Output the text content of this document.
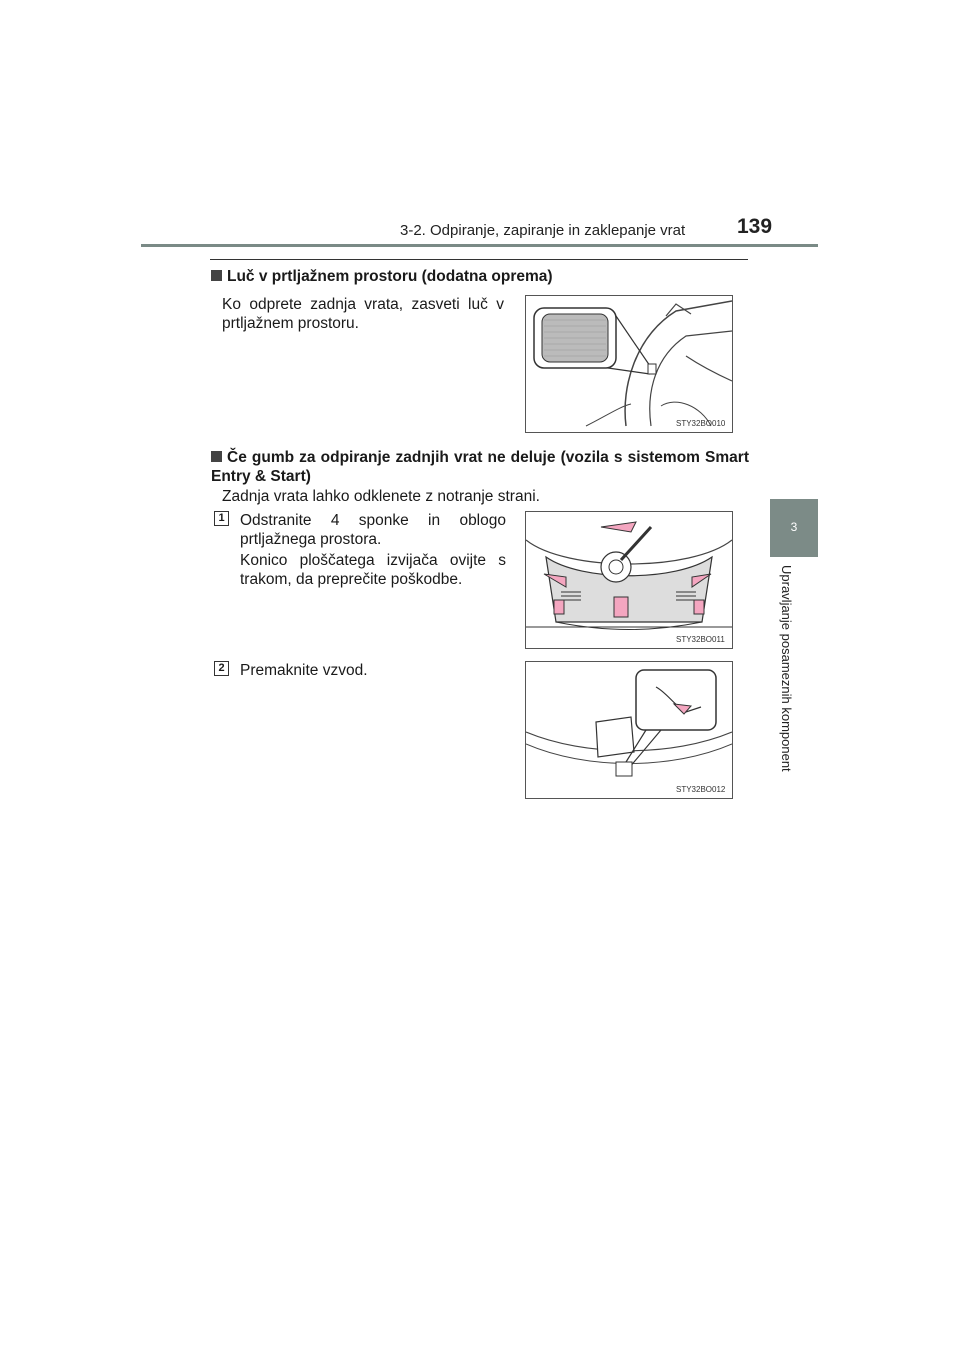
3-2. Odpiranje, zapiranje in zaklepanje vrat 139
3
Upravljanje posameznih komponent
Luč v prtljažnem prostoru (dodatna oprema)
Ko odprete zadnja vrata, zasveti luč v prtljažnem prostoru.
STY32BO010
Če gumb za odpiranje zadnjih vrat ne deluje (vozila s sistemom Smart Entry & Start)
Zadnja vrata lahko odklenete z notranje strani.
1 Odstranite 4 sponke in oblogo prtljažnega prostora.
Konico ploščatega izvijača ovijte s trakom, da preprečite poškodbe.
STY32BO011
2 Premaknite vzvod.
STY32BO012
